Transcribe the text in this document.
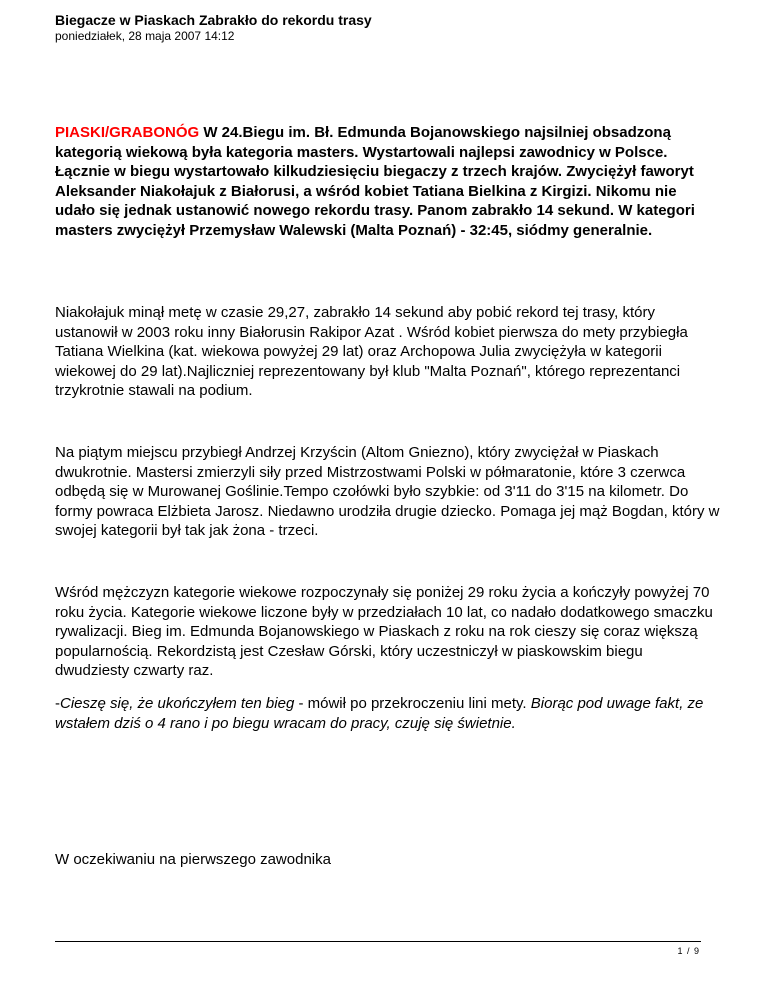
Biegacze w Piaskach Zabrakło do rekordu trasy
poniedziałek, 28 maja 2007 14:12

PIASKI/GRABONÓG W 24.Biegu im. Bł. Edmunda Bojanowskiego najsilniej obsadzoną kategorią wiekową była kategoria masters. Wystartowali najlepsi zawodnicy w Polsce. Łącznie w biegu wystartowało kilkudziesięciu biegaczy z trzech krajów. Zwyciężył faworyt Aleksander Niakołajuk z Białorusi, a wśród kobiet Tatiana Bielkina z Kirgizi. Nikomu nie udało się jednak ustanowić nowego rekordu trasy. Panom zabrakło 14 sekund. W kategori masters zwyciężył Przemysław Walewski (Malta Poznań) - 32:45, siódmy generalnie.

Niakołajuk minął metę w czasie 29,27, zabrakło 14 sekund aby pobić rekord tej trasy, który ustanowił w 2003 roku inny Białorusin Rakipor Azat . Wśród kobiet pierwsza do mety przybiegła Tatiana Wielkina (kat. wiekowa powyżej 29 lat) oraz Archopowa Julia zwyciężyła w kategorii wiekowej do 29 lat).Najliczniej reprezentowany był klub "Malta Poznań", którego reprezentanci trzykrotnie stawali na podium.

Na piątym miejscu przybiegł Andrzej Krzyścin (Altom Gniezno), który zwyciężał w Piaskach dwukrotnie. Mastersi zmierzyli siły przed Mistrzostwami Polski w półmaratonie, które 3 czerwca odbędą się w Murowanej Goślinie.Tempo czołówki było szybkie: od 3'11 do 3'15 na kilometr. Do formy powraca Elżbieta Jarosz. Niedawno urodziła drugie dziecko. Pomaga jej mąż Bogdan, który w swojej kategorii był tak jak żona - trzeci.

Wśród mężczyzn kategorie wiekowe rozpoczynały się poniżej 29 roku życia a kończyły powyżej 70 roku życia. Kategorie wiekowe liczone były w przedziałach 10 lat, co nadało dodatkowego smaczku rywalizacji. Bieg im. Edmunda Bojanowskiego w Piaskach z roku na rok cieszy się coraz większą popularnością. Rekordzistą jest Czesław Górski, który uczestniczył w piaskowskim biegu dwudziesty czwarty raz.

-Cieszę się, że ukończyłem ten bieg - mówił po przekroczeniu lini mety. Biorąc pod uwage fakt, ze wstałem dziś o 4 rano i po biegu wracam do pracy, czuję się świetnie.

W oczekiwaniu na pierwszego zawodnika

1 / 9
